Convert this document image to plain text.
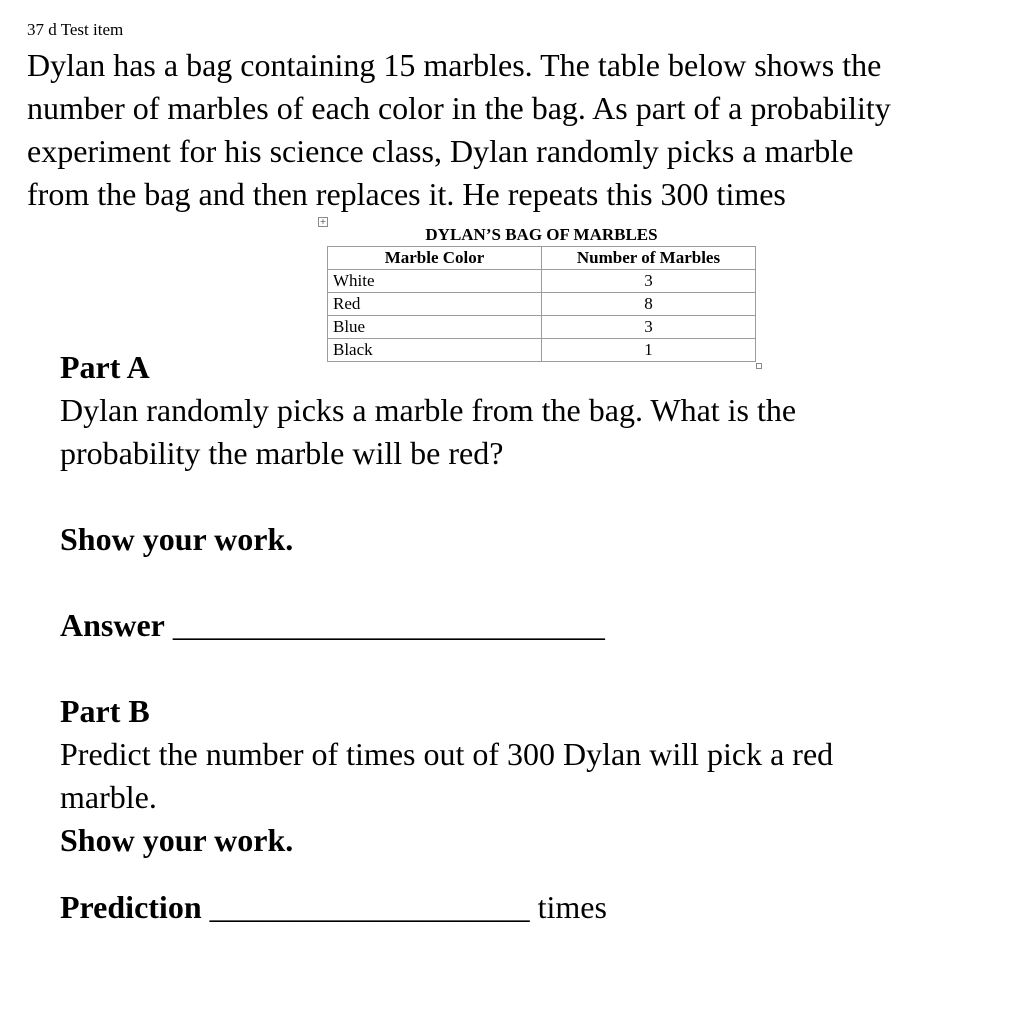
37 d Test item

Dylan has a bag containing 15 marbles. The table below shows the
number of marbles of each color in the bag. As part of a probability
experiment for his science class, Dylan randomly picks a marble
from the bag and then replaces it. He repeats this 300 times

+
DYLAN’S BAG OF MARBLES	
Marble Color	Number of Marbles
White	3
Red	8
Blue	3
Black	1
Part A
Dylan randomly picks a marble from the bag. What is the
probability the marble will be red?
Show your work.
Answer ___________________________
Part B
Predict the number of times out of 300 Dylan will pick a red
marble.
Show your work.
Prediction ____________________ times
